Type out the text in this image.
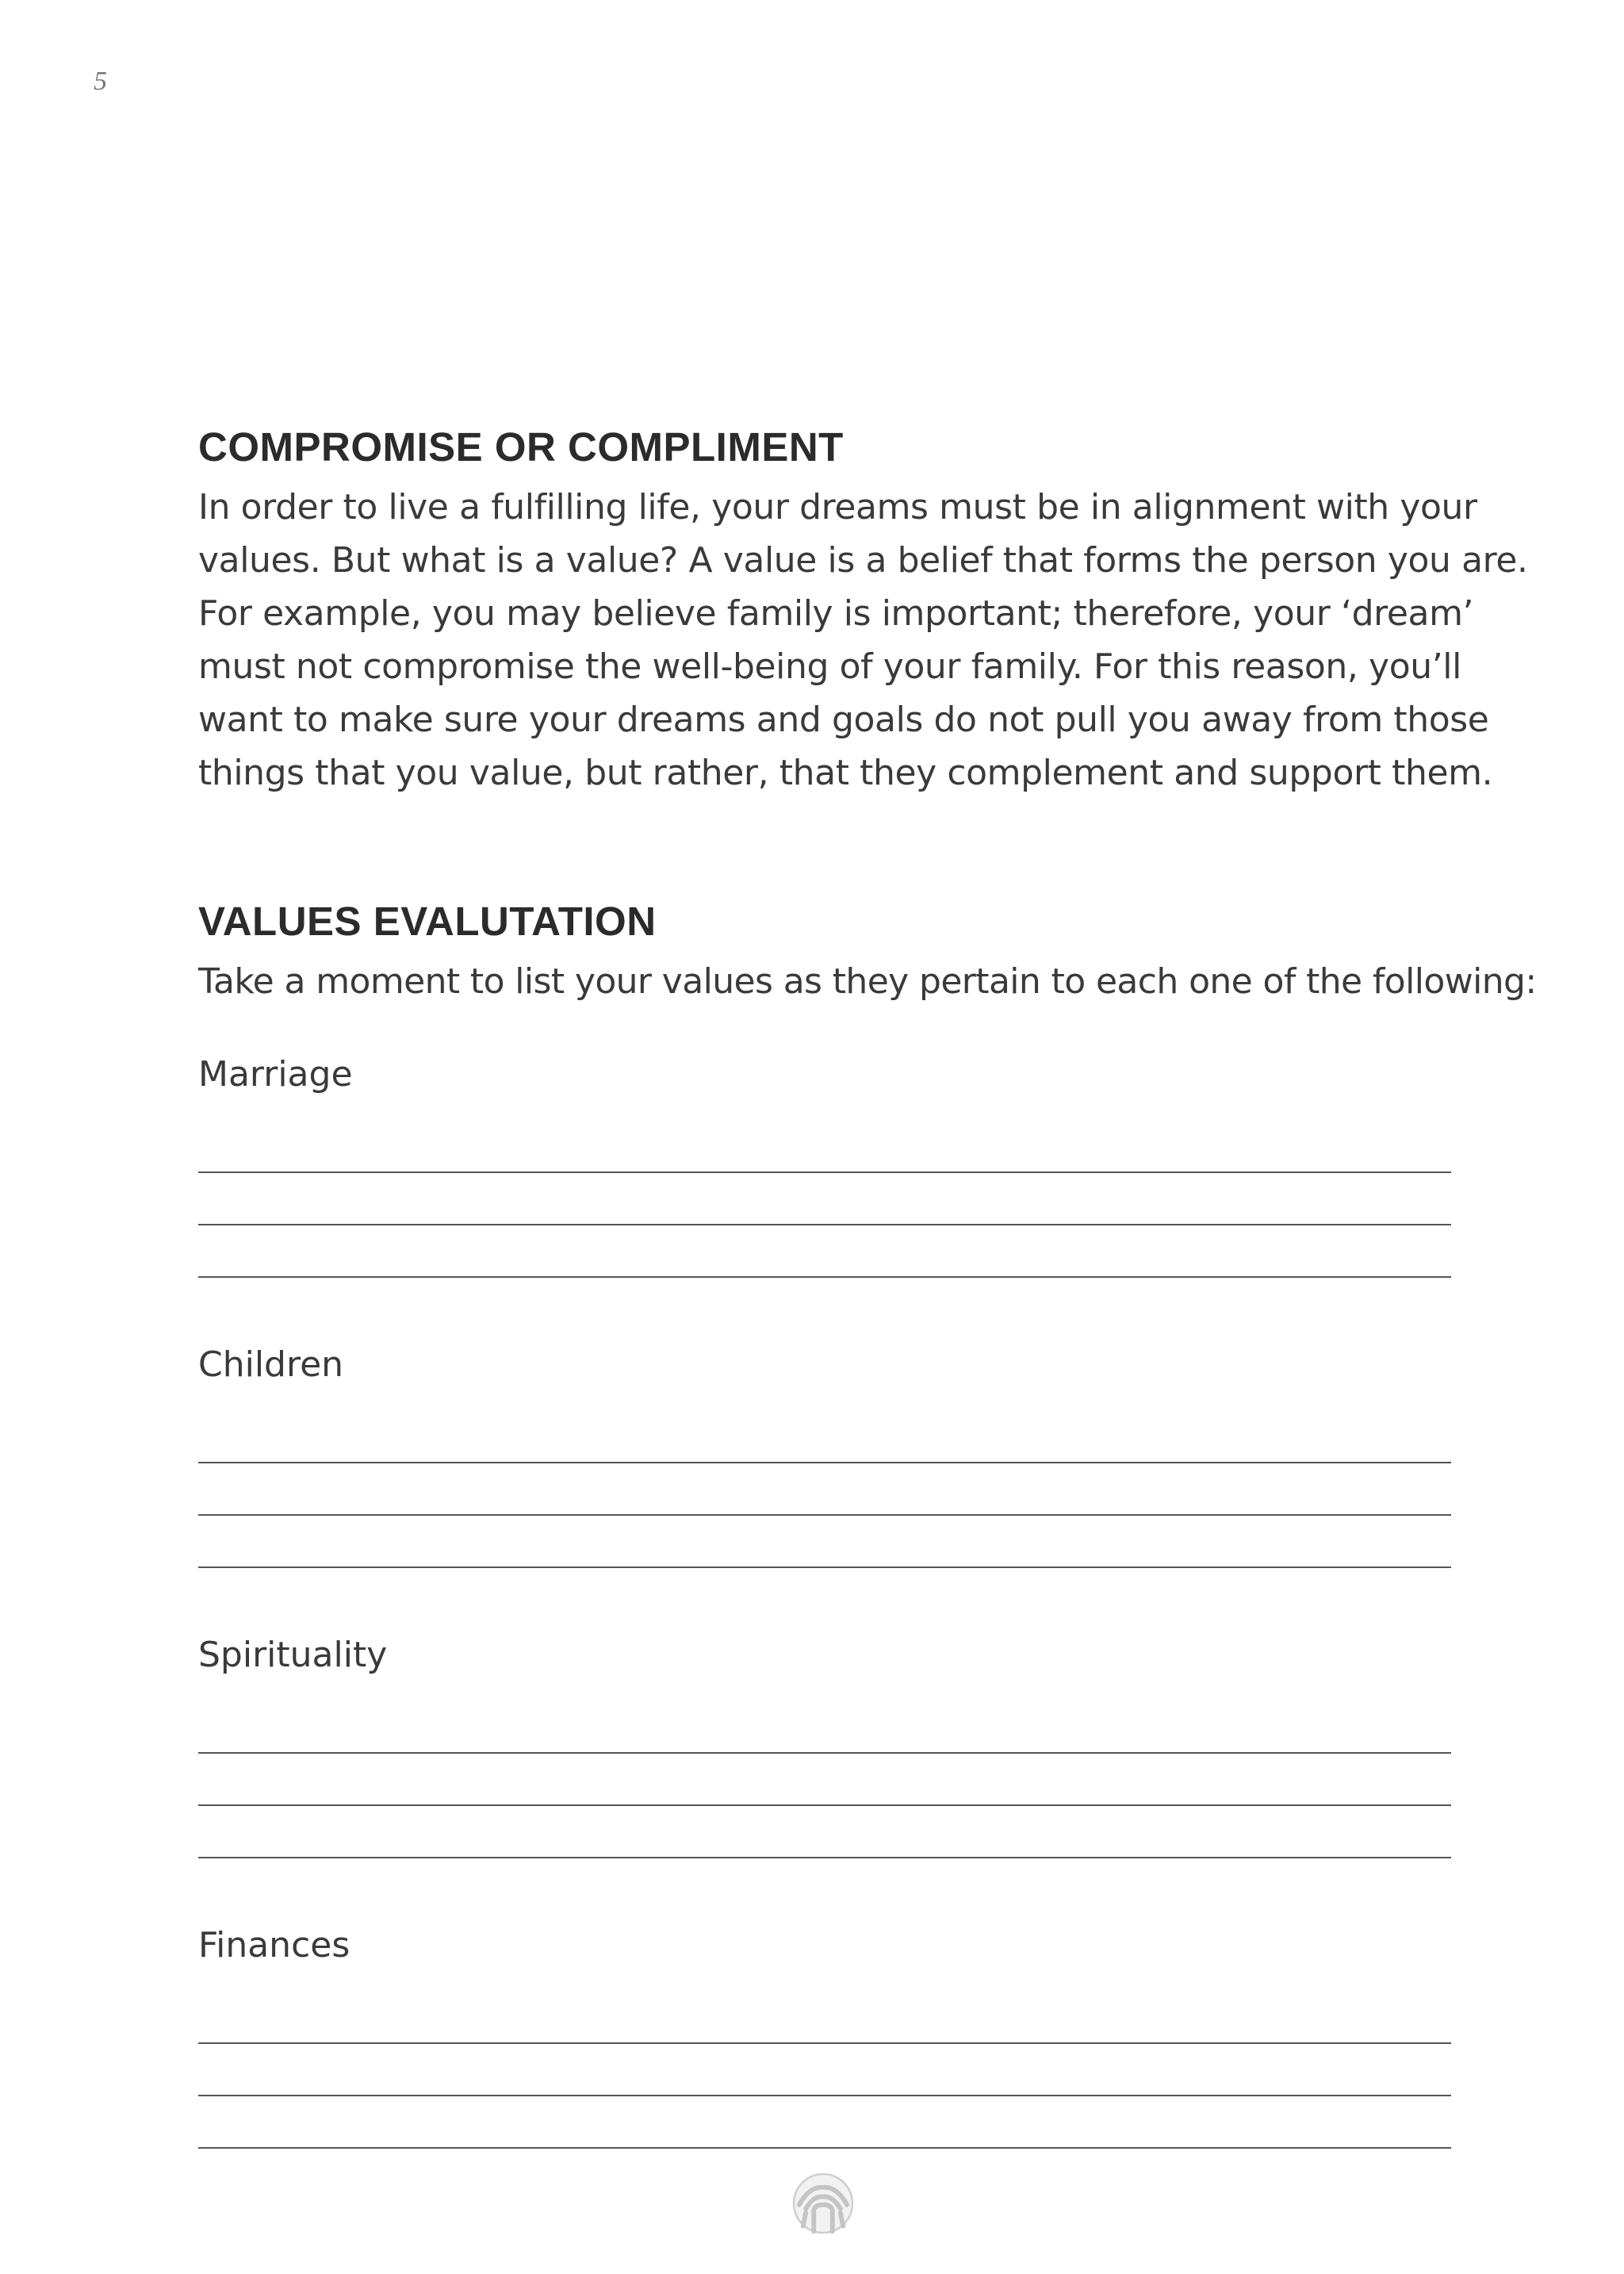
5
COMPROMISE OR COMPLIMENT

In order to live a fulfilling life, your dreams must be in alignment with your
values. But what is a value? A value is a belief that forms the person you are.
For example, you may believe family is important; therefore, your ‘dream’
must not compromise the well-being of your family. For this reason, you’ll
want to make sure your dreams and goals do not pull you away from those
things that you value, but rather, that they complement and support them.

VALUES EVALUTATION

Take a moment to list your values as they pertain to each one of the following:

Marriage

Children

Spirituality

Finances
